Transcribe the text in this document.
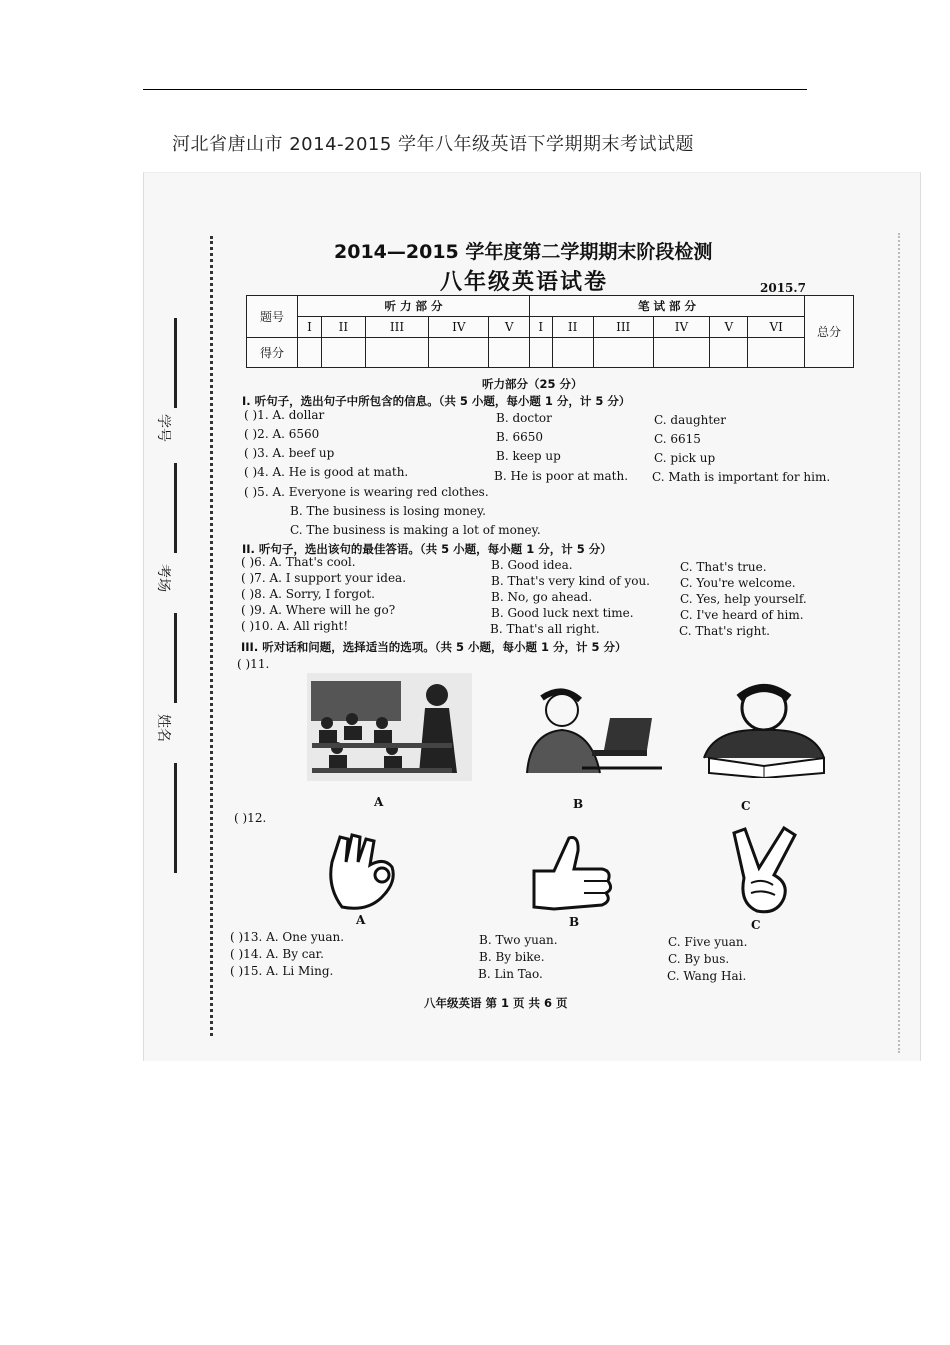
河北省唐山市 2014-2015 学年八年级英语下学期期末考试试题
学号
考场
姓名
2014—2015 学年度第二学期期末阶段检测
八年级英语试卷	2015.7
题号	听 力 部 分					笔 试 部 分						总分
	I	II	III	IV	V	I	II	III	IV	V	VI	
得分												
听力部分（25 分）
I. 听句子，选出句子中所包含的信息。（共 5 小题，每小题 1 分，计 5 分）
( )1. A. dollar	B. doctor	C. daughter
( )2. A. 6560	B. 6650	C. 6615
( )3. A. beef up	B. keep up	C. pick up
( )4. A. He is good at math.	B. He is poor at math. C. Math is important for him.
( )5. A. Everyone is wearing red clothes.
B. The business is losing money.
C. The business is making a lot of money.
II. 听句子，选出该句的最佳答语。（共 5 小题，每小题 1 分，计 5 分）
( )6. A. That's cool.	B. Good idea.	C. That's true.
( )7. A. I support your idea.	B. That's very kind of you.	C. You're welcome.
( )8. A. Sorry, I forgot.	B. No, go ahead.	C. Yes, help yourself.
( )9. A. Where will he go?	B. Good luck next time.	C. I've heard of him.
( )10. A. All right!	B. That's all right.	C. That's right.
III. 听对话和问题，选择适当的选项。（共 5 小题，每小题 1 分，计 5 分）
( )11.
A	B	C
( )12.
A	B	C
( )13. A. One yuan.	B. Two yuan.	C. Five yuan.
( )14. A. By car.	B. By bike.	C. By bus.
( )15. A. Li Ming.	B. Lin Tao.	C. Wang Hai.
八年级英语 第 1 页 共 6 页
